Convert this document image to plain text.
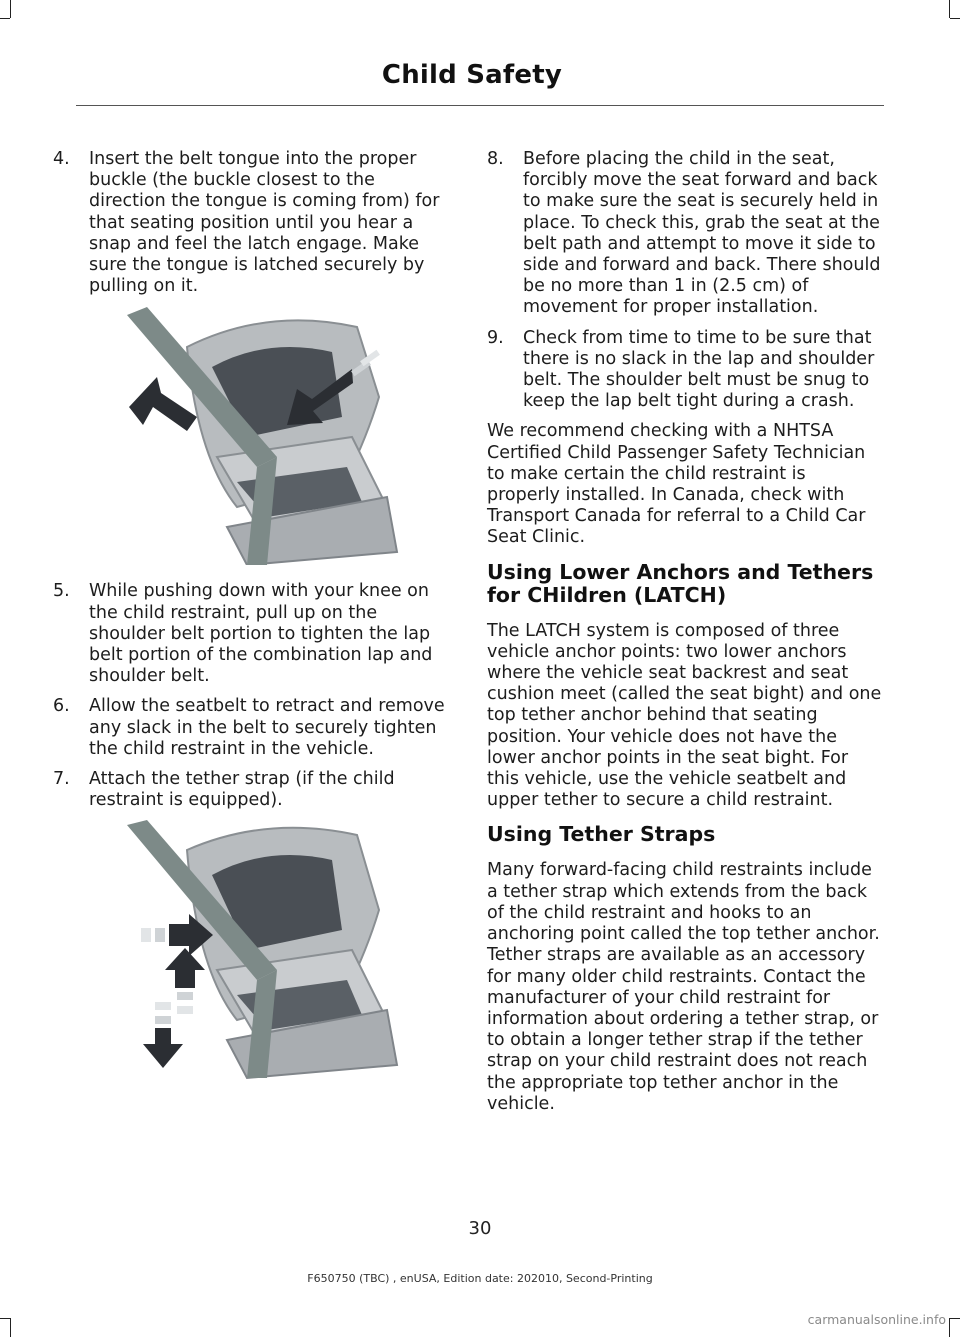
Child Safety
4.	Insert the belt tongue into the proper buckle (the buckle closest to the direction the tongue is coming from) for that seating position until you hear a snap and feel the latch engage. Make sure the tongue is latched securely by pulling on it.
5.	While pushing down with your knee on the child restraint, pull up on the shoulder belt portion to tighten the lap belt portion of the combination lap and shoulder belt.
6.	Allow the seatbelt to retract and remove any slack in the belt to securely tighten the child restraint in the vehicle.
7.	Attach the tether strap (if the child restraint is equipped).
8.	Before placing the child in the seat, forcibly move the seat forward and back to make sure the seat is securely held in place. To check this, grab the seat at the belt path and attempt to move it side to side and forward and back. There should be no more than 1 in (2.5 cm) of movement for proper installation.
9.	Check from time to time to be sure that there is no slack in the lap and shoulder belt. The shoulder belt must be snug to keep the lap belt tight during a crash.

We recommend checking with a NHTSA Certified Child Passenger Safety Technician to make certain the child restraint is properly installed. In Canada, check with Transport Canada for referral to a Child Car Seat Clinic.

Using Lower Anchors and Tethers for CHildren (LATCH)

The LATCH system is composed of three vehicle anchor points: two lower anchors where the vehicle seat backrest and seat cushion meet (called the seat bight) and one top tether anchor behind that seating position. Your vehicle does not have the lower anchor points in the seat bight. For this vehicle, use the vehicle seatbelt and upper tether to secure a child restraint.

Using Tether Straps

Many forward-facing child restraints include a tether strap which extends from the back of the child restraint and hooks to an anchoring point called the top tether anchor. Tether straps are available as an accessory for many older child restraints. Contact the manufacturer of your child restraint for information about ordering a tether strap, or to obtain a longer tether strap if the tether strap on your child restraint does not reach the appropriate top tether anchor in the vehicle.

30
F650750 (TBC) , enUSA, Edition date: 202010, Second-Printing
carmanualsonline.info
